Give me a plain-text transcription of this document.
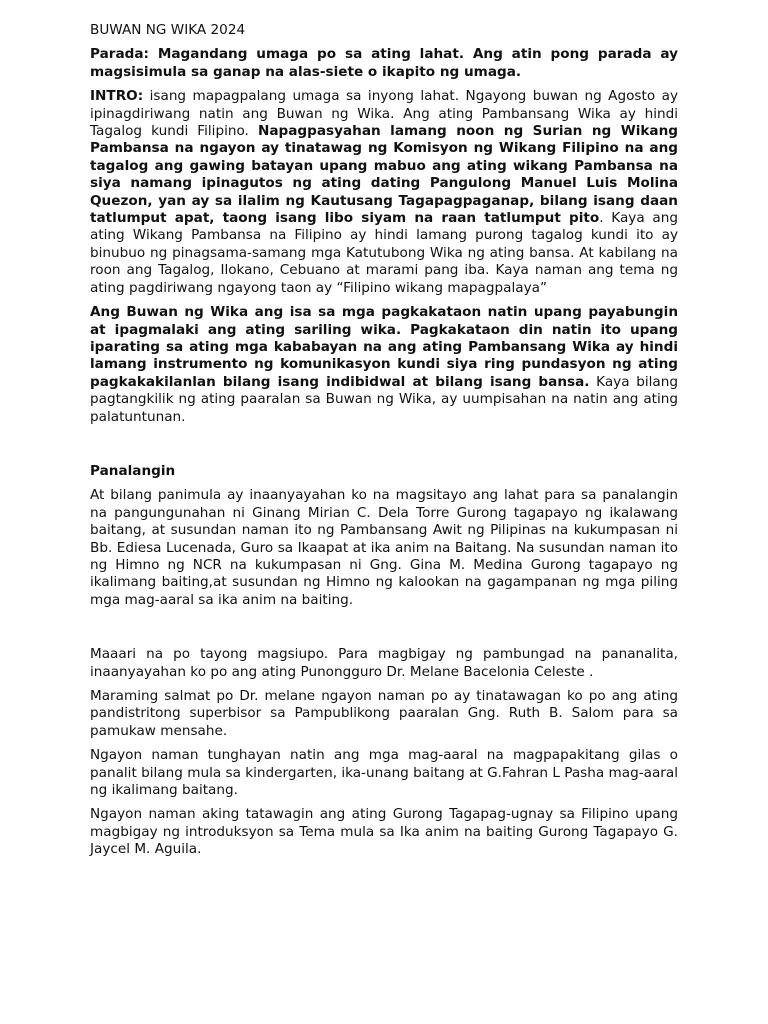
BUWAN NG WIKA 2024

Parada: Magandang umaga po sa ating lahat. Ang atin pong parada ay magsisimula sa ganap na alas-siete o ikapito ng umaga.

INTRO: isang mapagpalang umaga sa inyong lahat. Ngayong buwan ng Agosto ay ipinagdiriwang natin ang Buwan ng Wika. Ang ating Pambansang Wika ay hindi Tagalog kundi Filipino. Napagpasyahan lamang noon ng Surian ng Wikang Pambansa na ngayon ay tinatawag ng Komisyon ng Wikang Filipino na ang tagalog ang gawing batayan upang mabuo ang ating wikang Pambansa na siya namang ipinagutos ng ating dating Pangulong Manuel Luis Molina Quezon, yan ay sa ilalim ng Kautusang Tagapagpaganap, bilang isang daan tatlumput apat, taong isang libo siyam na raan tatlumput pito. Kaya ang ating Wikang Pambansa na Filipino ay hindi lamang purong tagalog kundi ito ay binubuo ng pinagsama-samang mga Katutubong Wika ng ating bansa. At kabilang na roon ang Tagalog, Ilokano, Cebuano at marami pang iba. Kaya naman ang tema ng ating pagdiriwang ngayong taon ay “Filipino wikang mapagpalaya”

Ang Buwan ng Wika ang isa sa mga pagkakataon natin upang payabungin at ipagmalaki ang ating sariling wika. Pagkakataon din natin ito upang iparating sa ating mga kababayan na ang ating Pambansang Wika ay hindi lamang instrumento ng komunikasyon kundi siya ring pundasyon ng ating pagkakakilanlan bilang isang indibidwal at bilang isang bansa. Kaya bilang pagtangkilik ng ating paaralan sa Buwan ng Wika, ay uumpisahan na natin ang ating palatuntunan.

Panalangin

At bilang panimula ay inaanyayahan ko na magsitayo ang lahat para sa panalangin na pangungunahan ni Ginang Mirian C. Dela Torre Gurong tagapayo ng ikalawang baitang, at susundan naman ito ng Pambansang Awit ng Pilipinas na kukumpasan ni Bb. Ediesa Lucenada, Guro sa Ikaapat at ika anim na Baitang. Na susundan naman ito ng Himno ng NCR na kukumpasan ni Gng. Gina M. Medina Gurong tagapayo ng ikalimang baiting,at susundan ng Himno ng kalookan na gagampanan ng mga piling mga mag-aaral sa ika anim na baiting.

Maaari na po tayong magsiupo. Para magbigay ng pambungad na pananalita, inaanyayahan ko po ang ating Punongguro Dr. Melane Bacelonia Celeste .

Maraming salmat po Dr. melane ngayon naman po ay tinatawagan ko po ang ating pandistritong superbisor sa Pampublikong paaralan Gng. Ruth B. Salom para sa pamukaw mensahe.

Ngayon naman tunghayan natin ang mga mag-aaral na magpapakitang gilas o panalit bilang mula sa kindergarten, ika-unang baitang at G.Fahran L Pasha mag-aaral ng ikalimang baitang.

Ngayon naman aking tatawagin ang ating Gurong Tagapag-ugnay sa Filipino upang magbigay ng introduksyon sa Tema mula sa Ika anim na baiting Gurong Tagapayo G. Jaycel M. Aguila.
